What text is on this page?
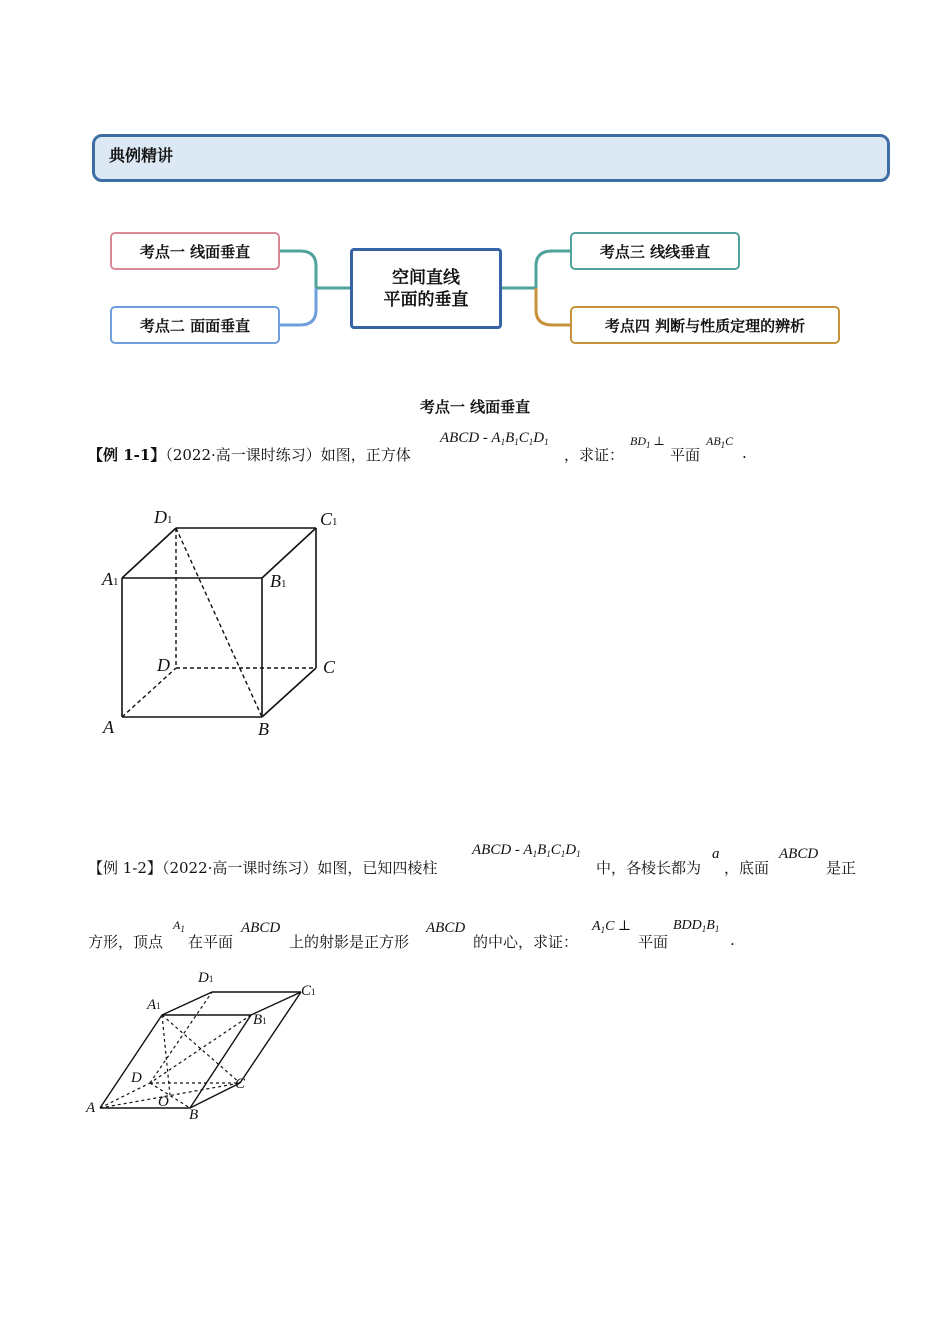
典例精讲
考点一 线面垂直
考点二 面面垂直
空间直线
平面的垂直
考点三 线线垂直
考点四 判断与性质定理的辨析
考点一 线面垂直
【例 1-1】（2022·高一课时练习）如图，正方体
ABCD - $A_1B_1C_1D_1$
，求证：
$BD_1$ ⊥
平面
$AB_1C$
.
D1	C1
A1	B1
D	C
A	B
【例 1-2】（2022·高一课时练习）如图，已知四棱柱
ABCD - $A_1B_1C_1D_1$
中，各棱长都为
a
，底面
ABCD
是正
方形，顶点
$A_1$
在平面
ABCD
上的射影是正方形
ABCD
的中心，求证：
$A_1C$ ⊥
平面
$BDD_1B_1$
.
D1
C1
A1
B1
D	C
A	O
B
